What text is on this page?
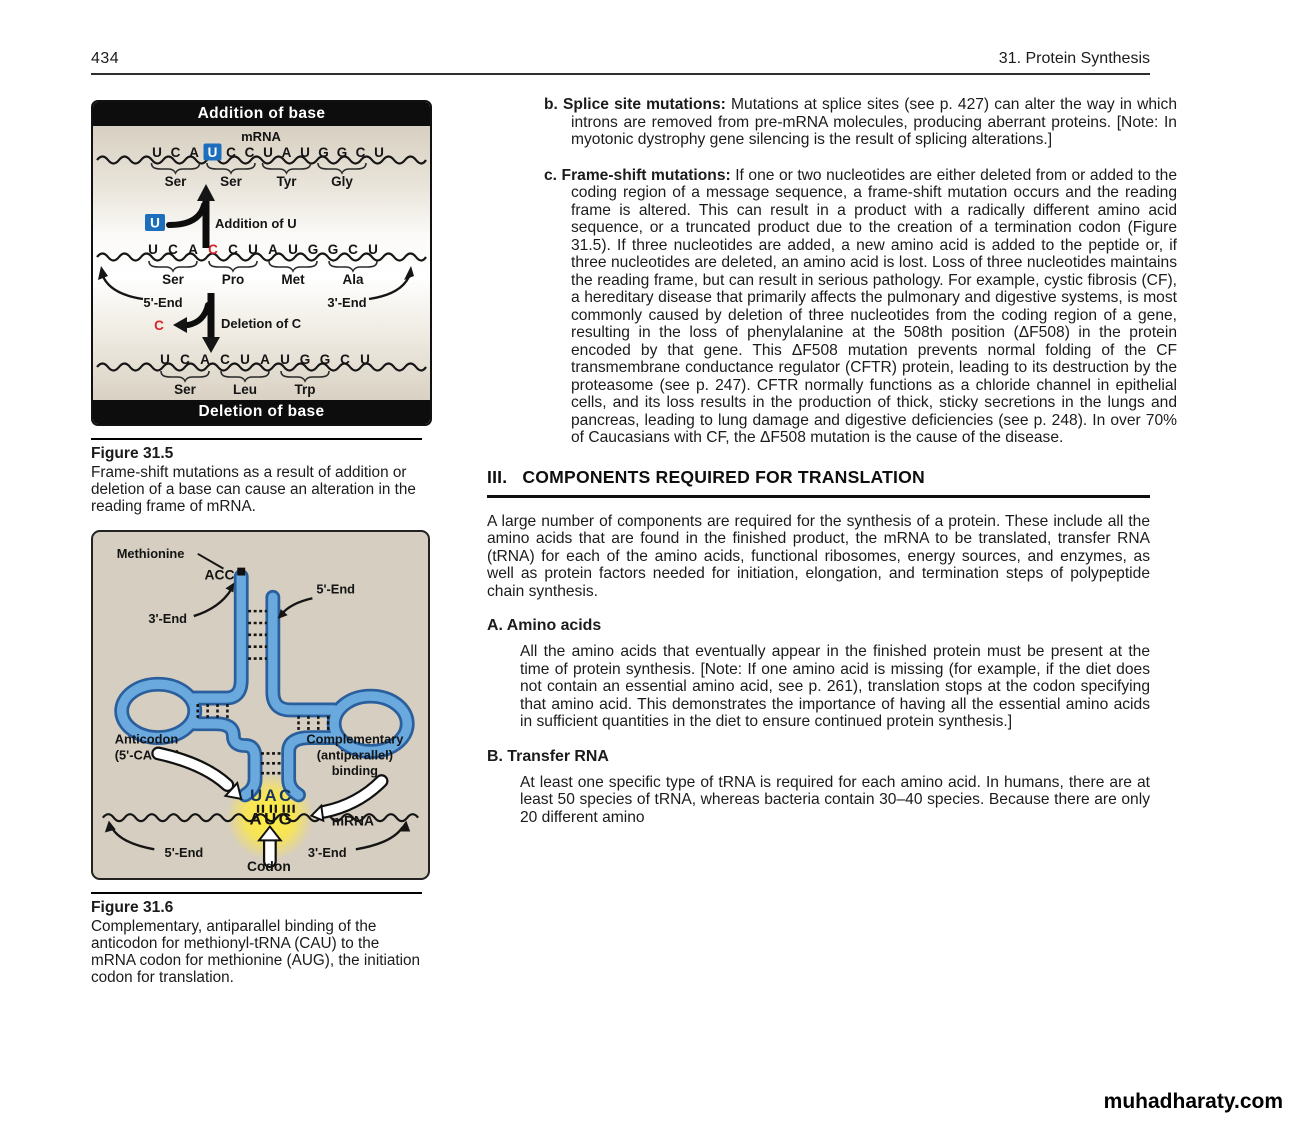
434	31. Protein Synthesis
Addition of base
mRNA
U C A U C C U A U G G C U
Ser Ser	Tyr	Gly
U	Addition of U
U C A C C U A U G G C U
Ser	Pro	Met	Ala
5'-End	3'-End
C	Deletion of C
U C A C U A U G G C U
Ser	Leu	Trp
Deletion of base
Figure 31.5

Frame-shift mutations as a result of addition or deletion of a base can cause an alteration in the reading frame of mRNA.

Methionine
ACC
3'-End
5'-End
Anticodon
(5'-CAU-3')
Complementary
(antiparallel)
binding
UAC
AUG	mRNA
5'-End	3'-End
Codon
Figure 31.6

Complementary, antiparallel binding of the anticodon for methionyl-tRNA (CAU) to the mRNA codon for methionine (AUG), the initiation codon for translation.

b. Splice site mutations: Mutations at splice sites (see p. 427) can alter the way in which introns are removed from pre-mRNA molecules, producing aberrant proteins. [Note: In myotonic dystrophy gene silencing is the result of splicing alterations.]

c. Frame-shift mutations: If one or two nucleotides are either deleted from or added to the coding region of a message sequence, a frame-shift mutation occurs and the reading frame is altered. This can result in a product with a radically different amino acid sequence, or a truncated product due to the creation of a termination codon (Figure 31.5). If three nucleotides are added, a new amino acid is added to the peptide or, if three nucleotides are deleted, an amino acid is lost. Loss of three nucleotides maintains the reading frame, but can result in serious pathology. For example, cystic fibrosis (CF), a hereditary disease that primarily affects the pulmonary and digestive systems, is most commonly caused by deletion of three nucleotides from the coding region of a gene, resulting in the loss of phenylalanine at the 508th position (ΔF508) in the protein encoded by that gene. This ΔF508 mutation prevents normal folding of the CF transmembrane conductance regulator (CFTR) protein, leading to its destruction by the proteasome (see p. 247). CFTR normally functions as a chloride channel in epithelial cells, and its loss results in the production of thick, sticky secretions in the lungs and pancreas, leading to lung damage and digestive deficiencies (see p. 248). In over 70% of Caucasians with CF, the ΔF508 mutation is the cause of the disease.

III. COMPONENTS REQUIRED FOR TRANSLATION

A large number of components are required for the synthesis of a protein. These include all the amino acids that are found in the finished product, the mRNA to be translated, transfer RNA (tRNA) for each of the amino acids, functional ribosomes, energy sources, and enzymes, as well as protein factors needed for initiation, elongation, and termination steps of polypeptide chain synthesis.

A. Amino acids

All the amino acids that eventually appear in the finished protein must be present at the time of protein synthesis. [Note: If one amino acid is missing (for example, if the diet does not contain an essential amino acid, see p. 261), translation stops at the codon specifying that amino acid. This demonstrates the importance of having all the essential amino acids in sufficient quantities in the diet to ensure continued protein synthesis.]

B. Transfer RNA

At least one specific type of tRNA is required for each amino acid. In humans, there are at least 50 species of tRNA, whereas bacteria contain 30–40 species. Because there are only 20 different amino

muhadharaty.com
